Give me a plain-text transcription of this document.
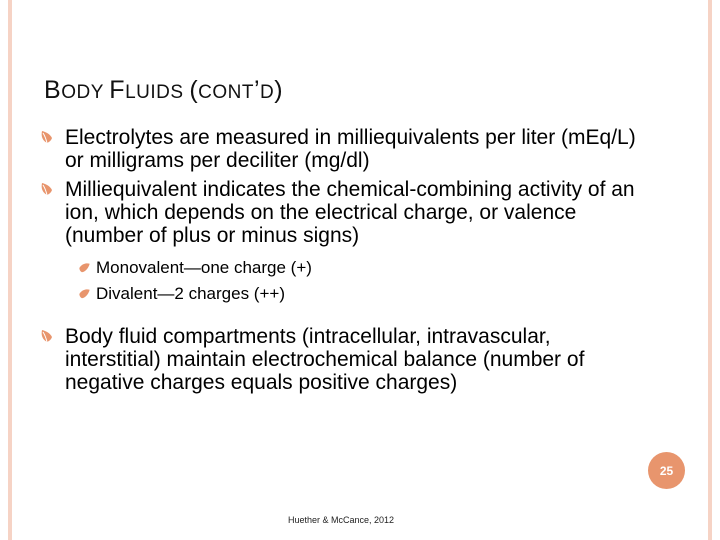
BODY FLUIDS (CONT’D)
Electrolytes are measured in milliequivalents per liter (mEq/L) or milligrams per deciliter (mg/dl)
Milliequivalent indicates the chemical-combining activity of an ion, which depends on the electrical charge, or valence (number of plus or minus signs)
Monovalent—one charge (+)
Divalent—2 charges (++)
Body fluid compartments (intracellular, intravascular, interstitial) maintain electrochemical balance (number of negative charges equals positive charges)
25
Huether & McCance, 2012
